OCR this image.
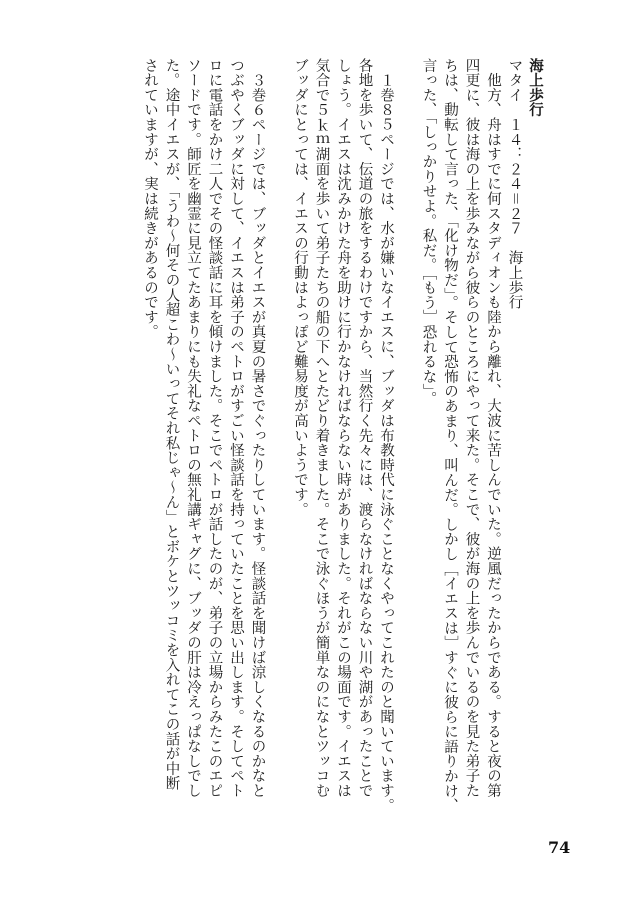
海上歩行
マタイ　１４：２４＝２７　海上歩行
　他方、舟はすでに何スタディオンも陸から離れ、大波に苦しんでいた。逆風だったからである。すると夜の第
四更に、彼は海の上を歩みながら彼らのところにやって来た。そこで、彼が海の上を歩んでいるのを見た弟子た
ちは、動転して言った、「化け物だ」。そして恐怖のあまり、叫んだ。しかし［イエスは］すぐに彼らに語りかけ、
言った、「しっかりせよ。私だ。［もう］恐れるな」。
　１巻８５ページでは、水が嫌いなイエスに、ブッダは布教時代に泳ぐことなくやってこれたのと聞いています。
各地を歩いて、伝道の旅をするわけですから、当然行く先々には、渡らなければならない川や湖があったことで
しょう。イエスは沈みかけた舟を助けに行かなければならない時がありました。それがこの場面です。イエスは
気合で５ｋｍ湖面を歩いて弟子たちの船の下へとたどり着きました。そこで泳ぐほうが簡単なのになとツッコむ
ブッダにとっては、イエスの行動はよっぽど難易度が高いようです。
　３巻６ページでは、ブッダとイエスが真夏の暑さでぐったりしています。怪談話を聞けば涼しくなるのかなと
つぶやくブッダに対して、イエスは弟子のペトロがすごい怪談話を持っていたことを思い出します。そしてペト
ロに電話をかけ二人でその怪談話に耳を傾けました。そこでペトロが話したのが、弟子の立場からみたこのエピ
ソードです。師匠を幽霊に見立てたあまりにも失礼なペトロの無礼講ギャグに、ブッダの肝は冷えっぱなしでし
た。途中イエスが、「うわ～何その人超こわ～いってそれ私じゃ～ん」とボケとツッコミを入れてこの話が中断
されていますが、実は続きがあるのです。
74
